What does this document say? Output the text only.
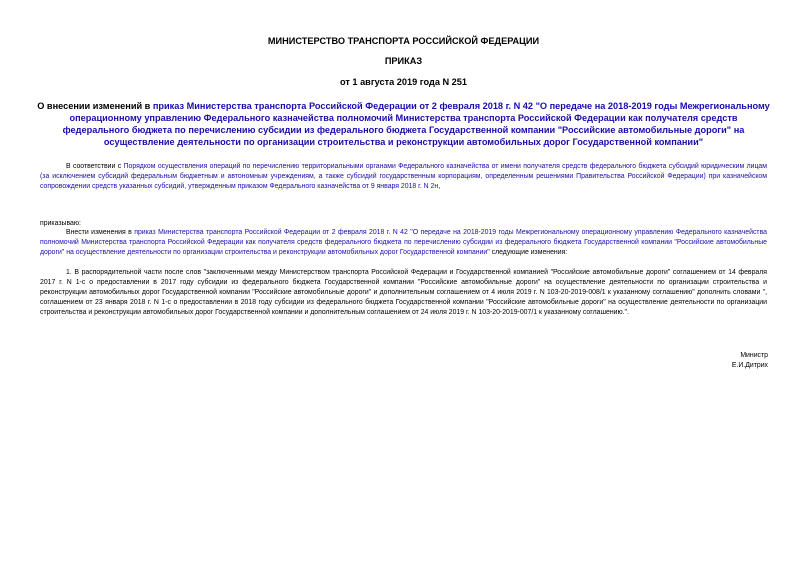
МИНИСТЕРСТВО ТРАНСПОРТА РОССИЙСКОЙ ФЕДЕРАЦИИ
ПРИКАЗ
от 1 августа 2019 года N 251
О внесении изменений в приказ Министерства транспорта Российской Федерации от 2 февраля 2018 г. N 42 "О передаче на 2018-2019 годы Межрегиональному операционному управлению Федерального казначейства полномочий Министерства транспорта Российской Федерации как получателя средств федерального бюджета по перечислению субсидии из федерального бюджета Государственной компании "Российские автомобильные дороги" на осуществление деятельности по организации строительства и реконструкции автомобильных дорог Государственной компании"
В соответствии с Порядком осуществления операций по перечислению территориальными органами Федерального казначейства от имени получателя средств федерального бюджета субсидий юридическим лицам (за исключением субсидий федеральным бюджетным и автономным учреждениям, а также субсидий государственным корпорациям, определенным решениями Правительства Российской Федерации) при казначейском сопровождении средств указанных субсидий, утвержденным приказом Федерального казначейства от 9 января 2018 г. N 2н,
приказываю:
Внести изменения в приказ Министерства транспорта Российской Федерации от 2 февраля 2018 г. N 42 "О передаче на 2018-2019 годы Межрегиональному операционному управлению Федерального казначейства полномочий Министерства транспорта Российской Федерации как получателя средств федерального бюджета по перечислению субсидии из федерального бюджета Государственной компании "Российские автомобильные дороги" на осуществление деятельности по организации строительства и реконструкции автомобильных дорог Государственной компании" следующие изменения:
1. В распорядительной части после слов "заключенными между Министерством транспорта Российской Федерации и Государственной компанией "Российские автомобильные дороги" соглашением от 14 февраля 2017 г. N 1-с о предоставлении в 2017 году субсидии из федерального бюджета Государственной компании "Российские автомобильные дороги" на осуществление деятельности по организации строительства и реконструкции автомобильных дорог Государственной компании "Российские автомобильные дороги" и дополнительным соглашением от 4 июля 2019 г. N 103-20-2019-008/1 к указанному соглашению" дополнить словами ", соглашением от 23 января 2018 г. N 1-с о предоставлении в 2018 году субсидии из федерального бюджета Государственной компании "Российские автомобильные дороги" на осуществление деятельности по организации строительства и реконструкции автомобильных дорог Государственной компании и дополнительным соглашением от 24 июля 2019 г. N 103-20-2019-007/1 к указанному соглашению.".
Министр
Е.И.Дитрих
